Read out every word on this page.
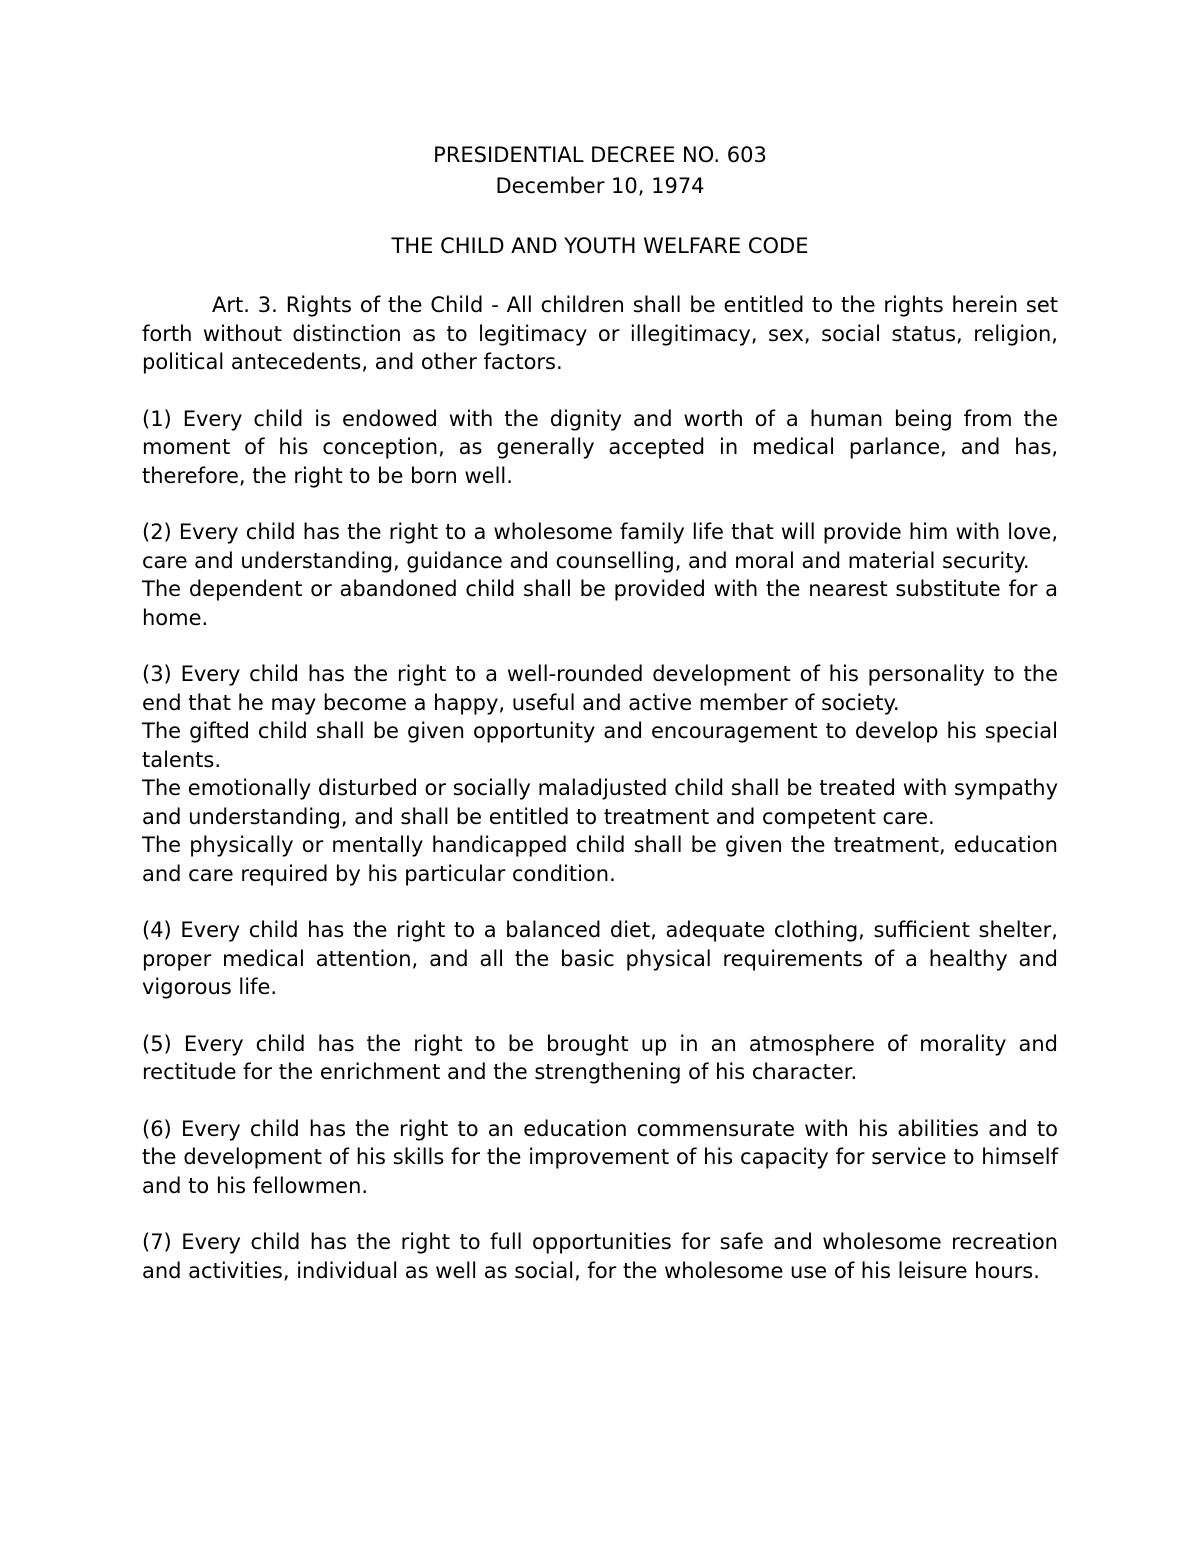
PRESIDENTIAL DECREE NO. 603

December 10, 1974

THE CHILD AND YOUTH WELFARE CODE

Art. 3. Rights of the Child - All children shall be entitled to the rights herein set forth without distinction as to legitimacy or illegitimacy, sex, social status, religion, political antecedents, and other factors.

(1) Every child is endowed with the dignity and worth of a human being from the moment of his conception, as generally accepted in medical parlance, and has, therefore, the right to be born well.

(2) Every child has the right to a wholesome family life that will provide him with love, care and understanding, guidance and counselling, and moral and material security.

The dependent or abandoned child shall be provided with the nearest substitute for a home.

(3) Every child has the right to a well-rounded development of his personality to the end that he may become a happy, useful and active member of society.

The gifted child shall be given opportunity and encouragement to develop his special talents.

The emotionally disturbed or socially maladjusted child shall be treated with sympathy and understanding, and shall be entitled to treatment and competent care.

The physically or mentally handicapped child shall be given the treatment, education and care required by his particular condition.

(4) Every child has the right to a balanced diet, adequate clothing, sufficient shelter, proper medical attention, and all the basic physical requirements of a healthy and vigorous life.

(5) Every child has the right to be brought up in an atmosphere of morality and rectitude for the enrichment and the strengthening of his character.

(6) Every child has the right to an education commensurate with his abilities and to the development of his skills for the improvement of his capacity for service to himself and to his fellowmen.

(7) Every child has the right to full opportunities for safe and wholesome recreation and activities, individual as well as social, for the wholesome use of his leisure hours.
